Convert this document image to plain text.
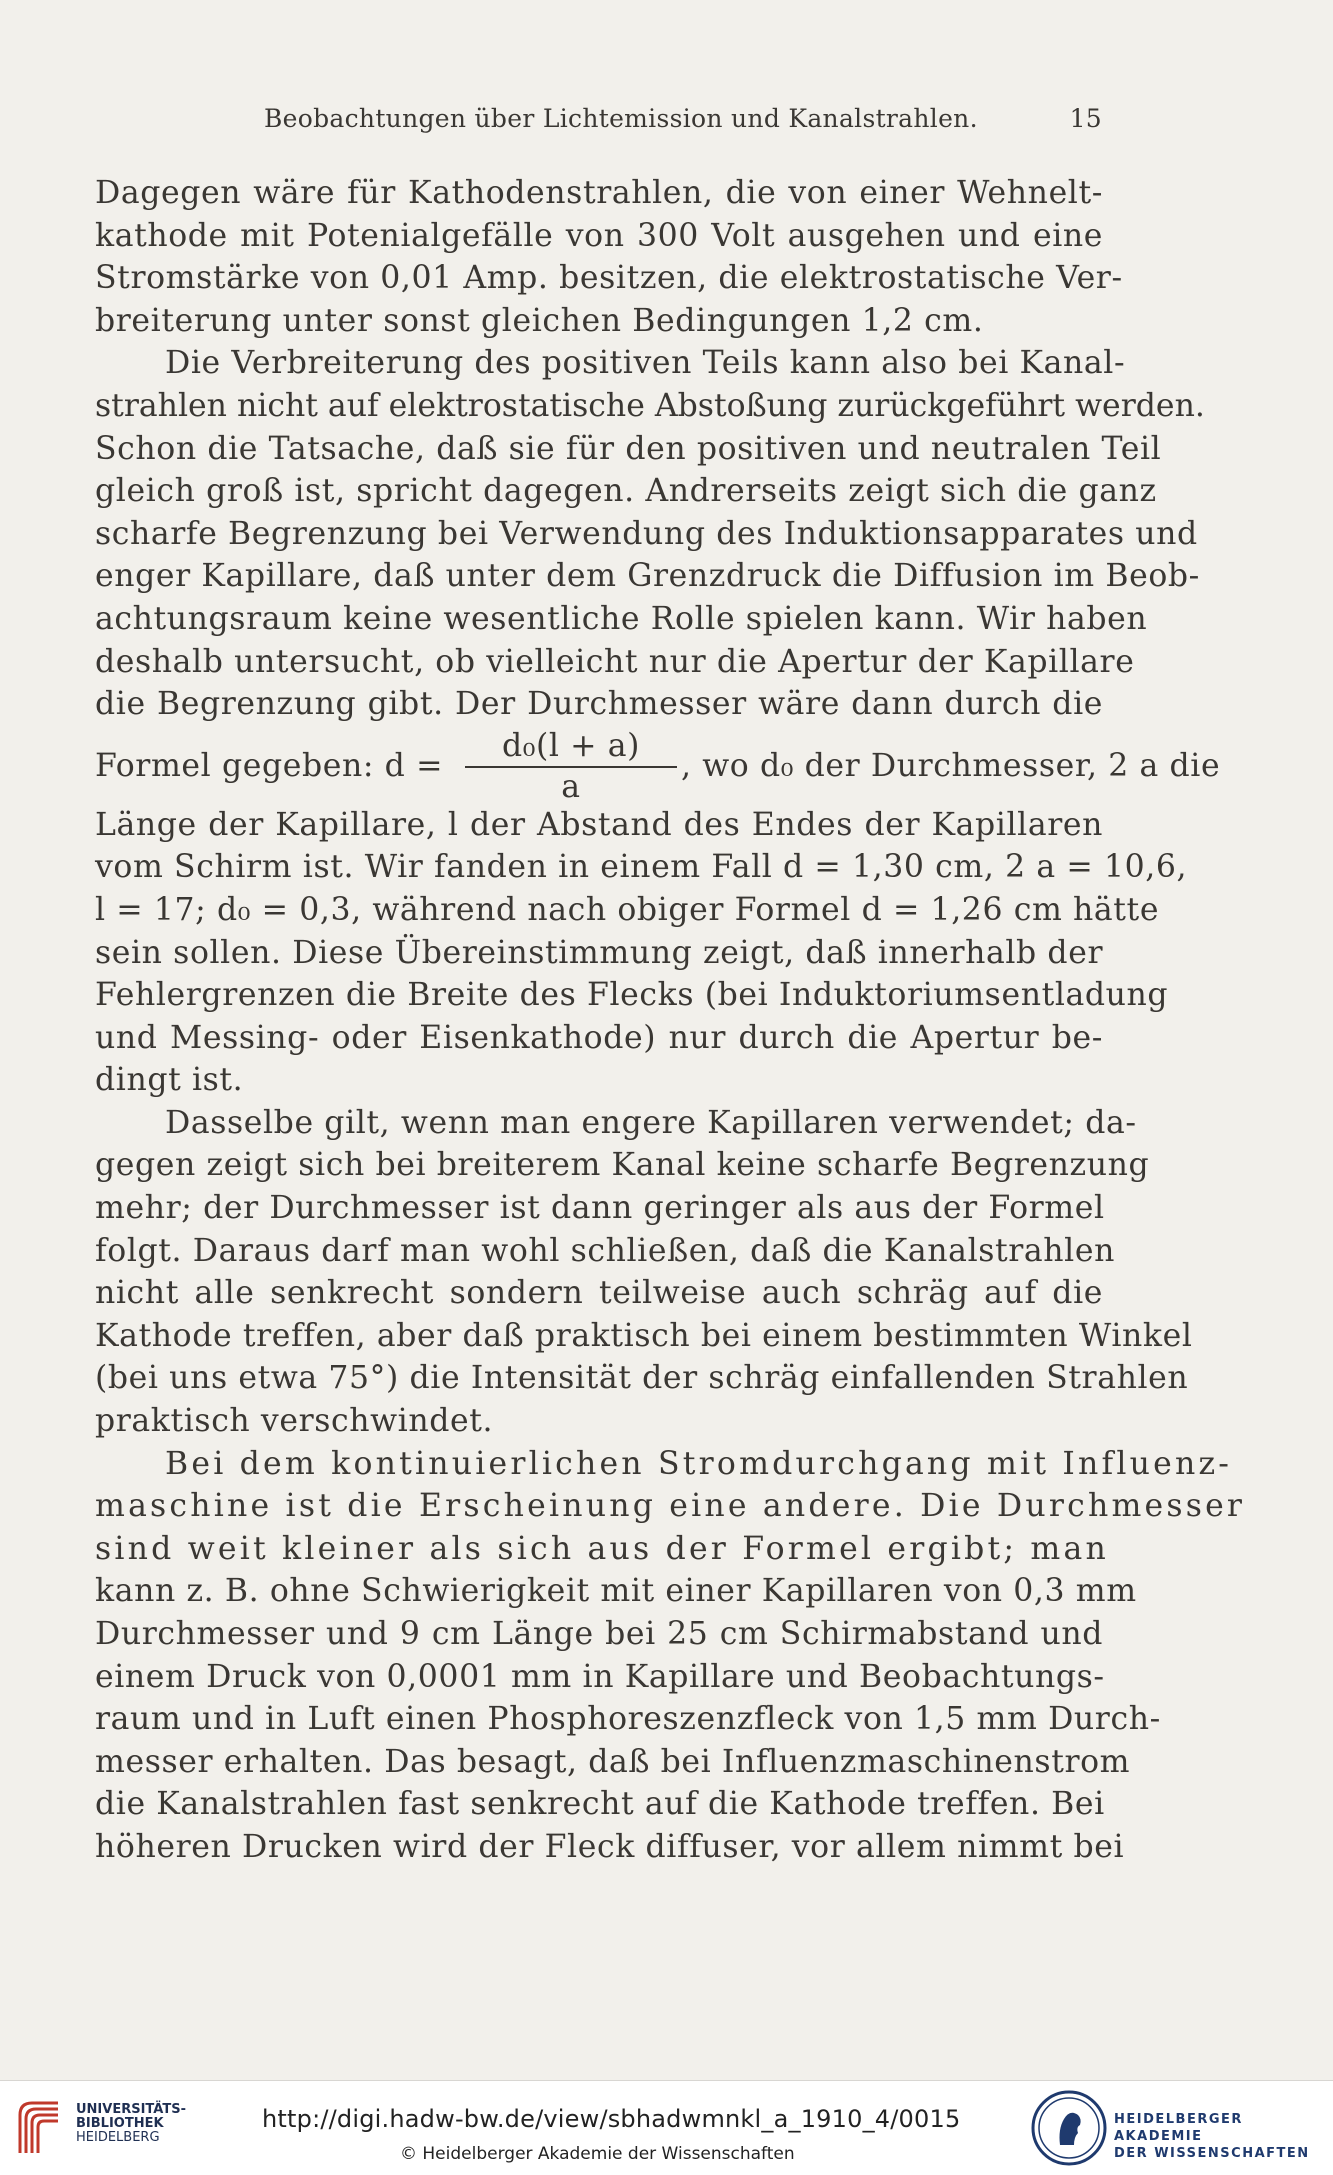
Beobachtungen über Lichtemission und Kanalstrahlen.	15
Dagegen wäre für Kathodenstrahlen, die von einer Wehnelt-
kathode mit Potenialgefälle von 300 Volt ausgehen und eine
Stromstärke von 0,01 Amp. besitzen, die elektrostatische Ver-
breiterung unter sonst gleichen Bedingungen 1,2 cm.
Die Verbreiterung des positiven Teils kann also bei Kanal-
strahlen nicht auf elektrostatische Abstoßung zurückgeführt werden.
Schon die Tatsache, daß sie für den positiven und neutralen Teil
gleich groß ist, spricht dagegen. Andrerseits zeigt sich die ganz
scharfe Begrenzung bei Verwendung des Induktionsapparates und
enger Kapillare, daß unter dem Grenzdruck die Diffusion im Beob-
achtungsraum keine wesentliche Rolle spielen kann. Wir haben
deshalb untersucht, ob vielleicht nur die Apertur der Kapillare
die Begrenzung gibt. Der Durchmesser wäre dann durch die
Formel gegeben: $d = \frac{\text{d₀(l + a)}}{a}$ , wo d₀ der Durchmesser, 2 a die
Länge der Kapillare, l der Abstand des Endes der Kapillaren
vom Schirm ist. Wir fanden in einem Fall d = 1,30 cm, 2 a = 10,6,
l = 17; d₀ = 0,3, während nach obiger Formel d = 1,26 cm hätte
sein sollen. Diese Übereinstimmung zeigt, daß innerhalb der
Fehlergrenzen die Breite des Flecks (bei Induktoriumsentladung
und Messing- oder Eisenkathode) nur durch die Apertur be-
dingt ist.
Dasselbe gilt, wenn man engere Kapillaren verwendet; da-
gegen zeigt sich bei breiterem Kanal keine scharfe Begrenzung
mehr; der Durchmesser ist dann geringer als aus der Formel
folgt. Daraus darf man wohl schließen, daß die Kanalstrahlen
nicht alle senkrecht sondern teilweise auch schräg auf die
Kathode treffen, aber daß praktisch bei einem bestimmten Winkel
(bei uns etwa 75°) die Intensität der schräg einfallenden Strahlen
praktisch verschwindet.
Bei dem kontinuierlichen Stromdurchgang mit Influenz-
maschine ist die Erscheinung eine andere. Die Durchmesser
sind weit kleiner als sich aus der Formel ergibt; man
kann z. B. ohne Schwierigkeit mit einer Kapillaren von 0,3 mm
Durchmesser und 9 cm Länge bei 25 cm Schirmabstand und
einem Druck von 0,0001 mm in Kapillare und Beobachtungs-
raum und in Luft einen Phosphoreszenzfleck von 1,5 mm Durch-
messer erhalten. Das besagt, daß bei Influenzmaschinenstrom
die Kanalstrahlen fast senkrecht auf die Kathode treffen. Bei
höheren Drucken wird der Fleck diffuser, vor allem nimmt bei
UNIVERSITÄTS-
BIBLIOTHEK
HEIDELBERG
http://digi.hadw-bw.de/view/sbhadwmnkl_a_1910_4/0015
© Heidelberger Akademie der Wissenschaften
HEIDELBERGER AKADEMIE
DER WISSENSCHAFTEN
